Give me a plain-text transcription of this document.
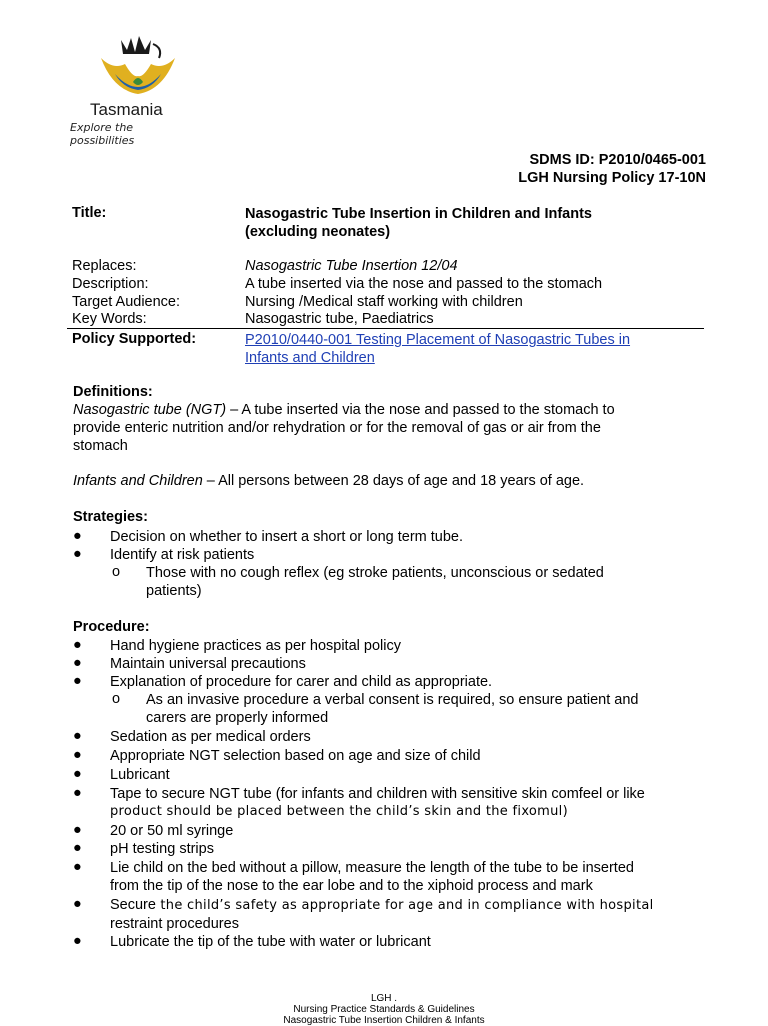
Tasmania
Explore the possibilities
SDMS ID: P2010/0465-001
LGH Nursing Policy 17-10N
Title:	Nasogastric Tube Insertion in Children and Infants
(excluding neonates)
Replaces:	Nasogastric Tube Insertion 12/04
Description:	A tube inserted via the nose and passed to the stomach
Target Audience:	Nursing /Medical staff working with children
Key Words:	Nasogastric tube, Paediatrics
Policy Supported:	P2010/0440-001 Testing Placement of Nasogastric Tubes in
Infants and Children
Definitions:
Nasogastric tube (NGT) – A tube inserted via the nose and passed to the stomach to
provide enteric nutrition and/or rehydration or for the removal of gas or air from the
stomach
Infants and Children – All persons between 28 days of age and 18 years of age.
Strategies:
● Decision on whether to insert a short or long term tube.
● Identify at risk patients
o Those with no cough reflex (eg stroke patients, unconscious or sedated
patients)
Procedure:
● Hand hygiene practices as per hospital policy
● Maintain universal precautions
● Explanation of procedure for carer and child as appropriate.
o As an invasive procedure a verbal consent is required, so ensure patient and
carers are properly informed
● Sedation as per medical orders
● Appropriate NGT selection based on age and size of child
● Lubricant
● Tape to secure NGT tube (for infants and children with sensitive skin comfeel or like
product should be placed between the child’s skin and the fixomul)
● 20 or 50 ml syringe
● pH testing strips
● Lie child on the bed without a pillow, measure the length of the tube to be inserted
from the tip of the nose to the ear lobe and to the xiphoid process and mark
● Secure the child’s safety as appropriate for age and in compliance with hospital
restraint procedures
● Lubricate the tip of the tube with water or lubricant
LGH .
Nursing Practice Standards & Guidelines
Nasogastric Tube Insertion Children & Infants
